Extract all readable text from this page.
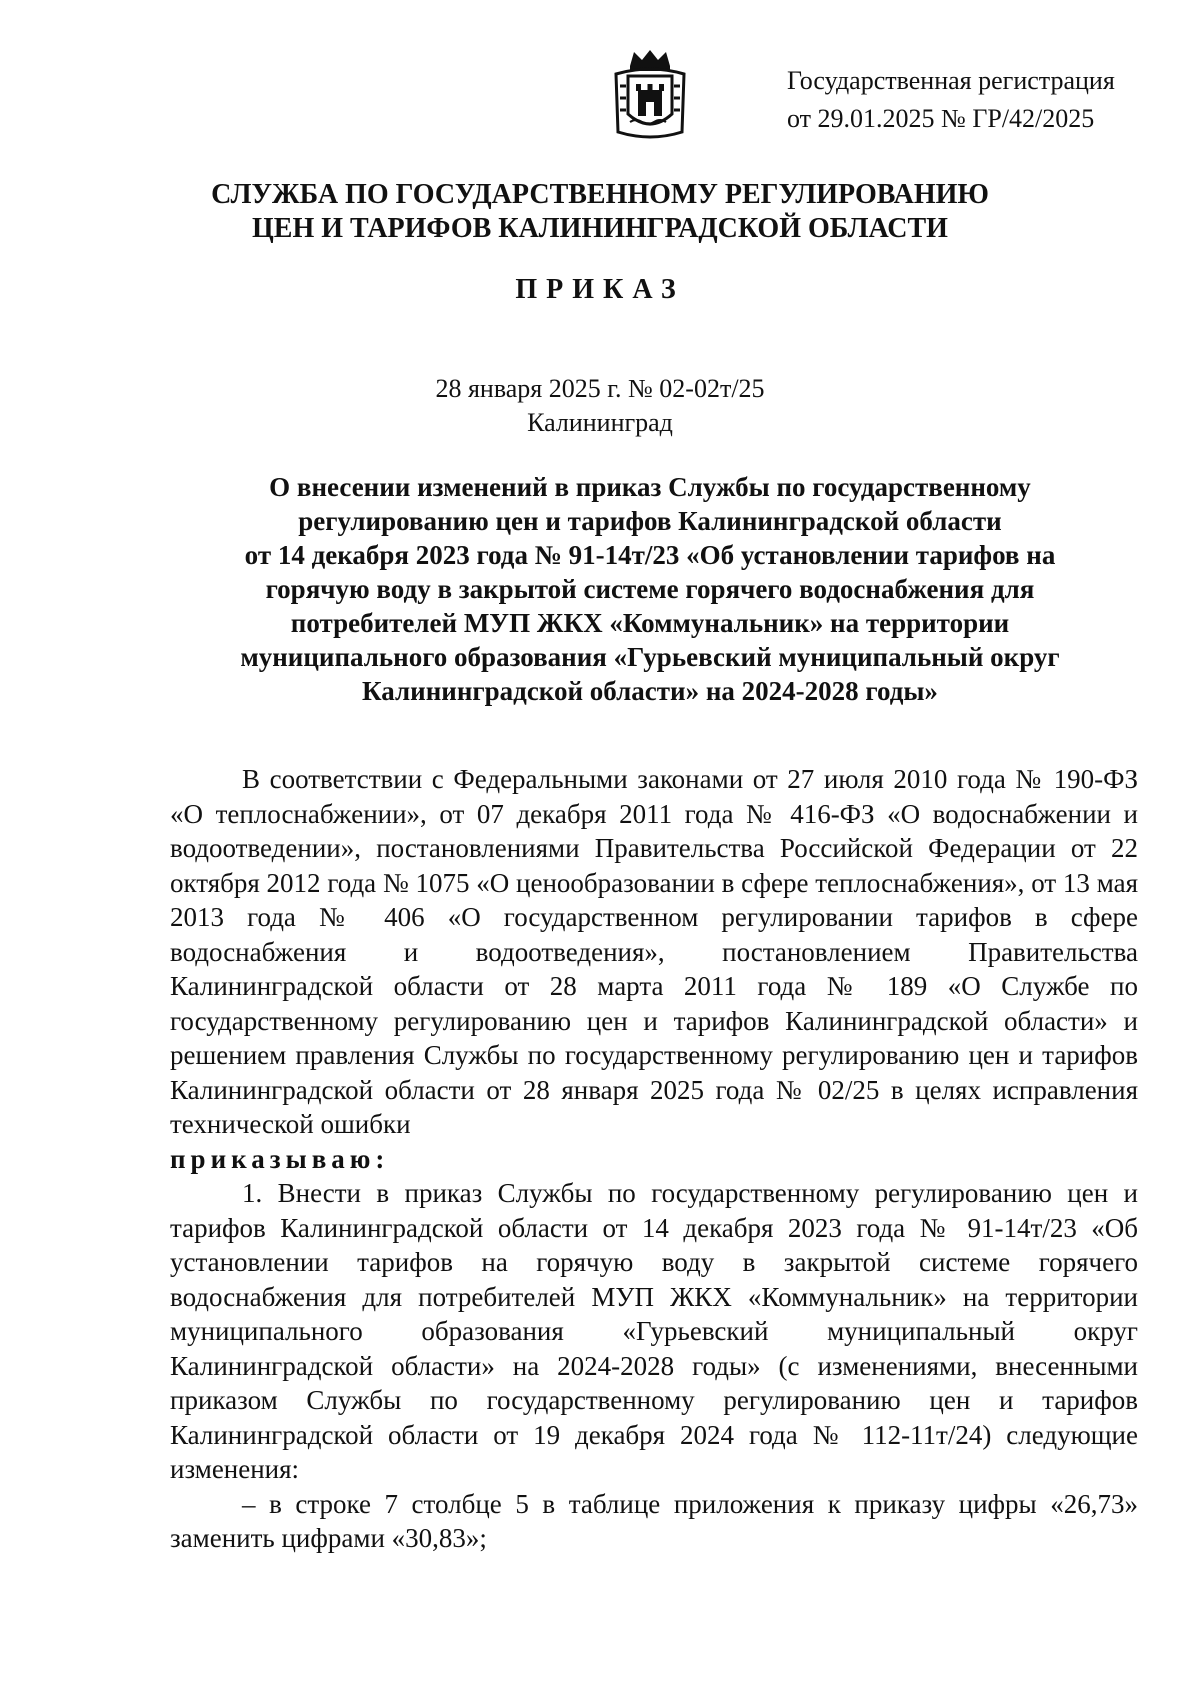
Государственная регистрация
от 29.01.2025 № ГР/42/2025
СЛУЖБА ПО ГОСУДАРСТВЕННОМУ РЕГУЛИРОВАНИЮ
ЦЕН И ТАРИФОВ КАЛИНИНГРАДСКОЙ ОБЛАСТИ
ПРИКАЗ
28 января 2025 г. № 02-02т/25
Калининград
О внесении изменений в приказ Службы по государственному
регулированию цен и тарифов Калининградской области
от 14 декабря 2023 года № 91-14т/23 «Об установлении тарифов на
горячую воду в закрытой системе горячего водоснабжения для
потребителей МУП ЖКХ «Коммунальник» на территории
муниципального образования «Гурьевский муниципальный округ
Калининградской области» на 2024-2028 годы»

В соответствии с Федеральными законами от 27 июля 2010 года № 190-ФЗ «О теплоснабжении», от 07 декабря 2011 года № 416-ФЗ «О водоснабжении и водоотведении», постановлениями Правительства Российской Федерации от 22 октября 2012 года № 1075 «О ценообразовании в сфере теплоснабжения», от 13 мая 2013 года № 406 «О государственном регулировании тарифов в сфере водоснабжения и водоотведения», постановлением Правительства Калининградской области от 28 марта 2011 года № 189 «О Службе по государственному регулированию цен и тарифов Калининградской области» и решением правления Службы по государственному регулированию цен и тарифов Калининградской области от 28 января 2025 года № 02/25 в целях исправления технической ошибки

приказываю:

1. Внести в приказ Службы по государственному регулированию цен и тарифов Калининградской области от 14 декабря 2023 года № 91-14т/23 «Об установлении тарифов на горячую воду в закрытой системе горячего водоснабжения для потребителей МУП ЖКХ «Коммунальник» на территории муниципального образования «Гурьевский муниципальный округ Калининградской области» на 2024-2028 годы» (с изменениями, внесенными приказом Службы по государственному регулированию цен и тарифов Калининградской области от 19 декабря 2024 года № 112-11т/24) следующие изменения:

– в строке 7 столбце 5 в таблице приложения к приказу цифры «26,73» заменить цифрами «30,83»;
